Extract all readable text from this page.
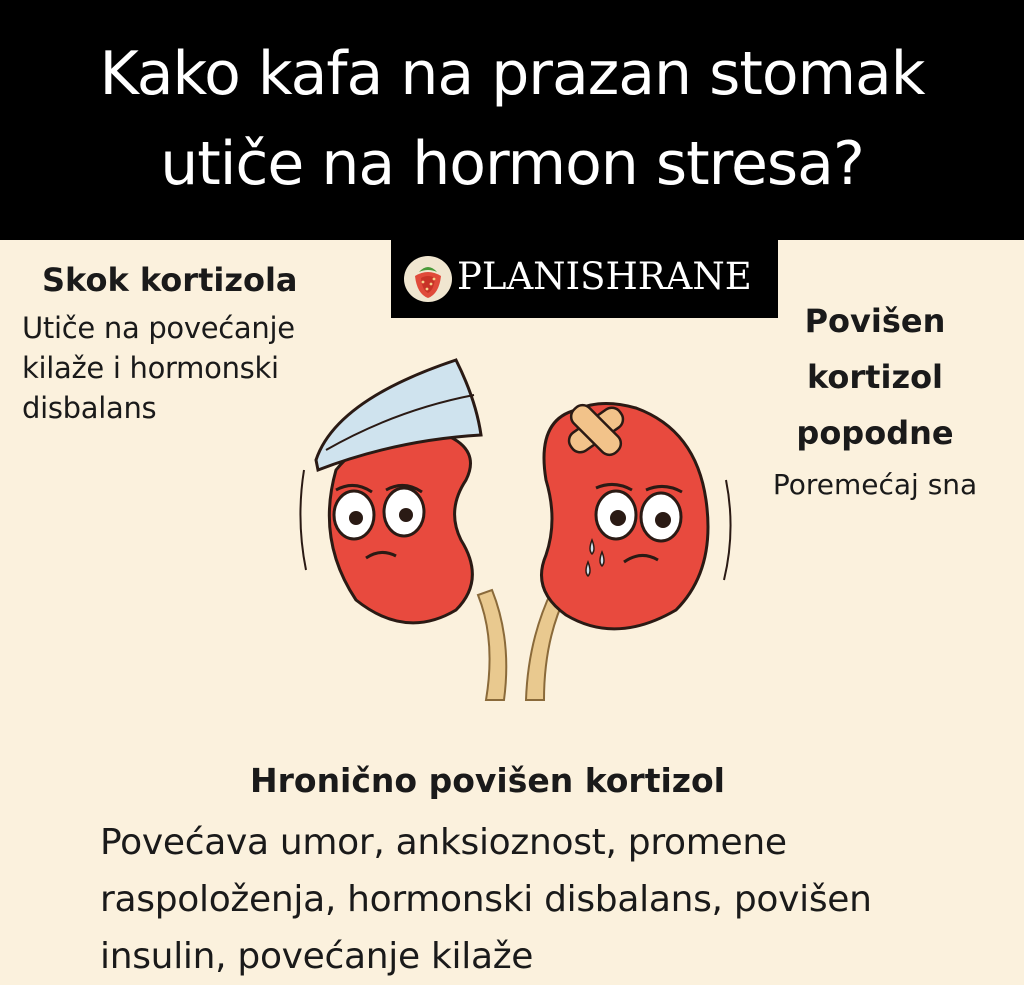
Kako kafa na prazan stomak
utiče na hormon stresa?
PLANISHRANE
Skok kortizola
Utiče na povećanje kilaže i hormonski disbalans
Povišen kortizol popodne
Poremećaj sna
Hronično povišen kortizol
Povećava umor, anksioznost, promene raspoloženja, hormonski disbalans, povišen insulin, povećanje kilaže
